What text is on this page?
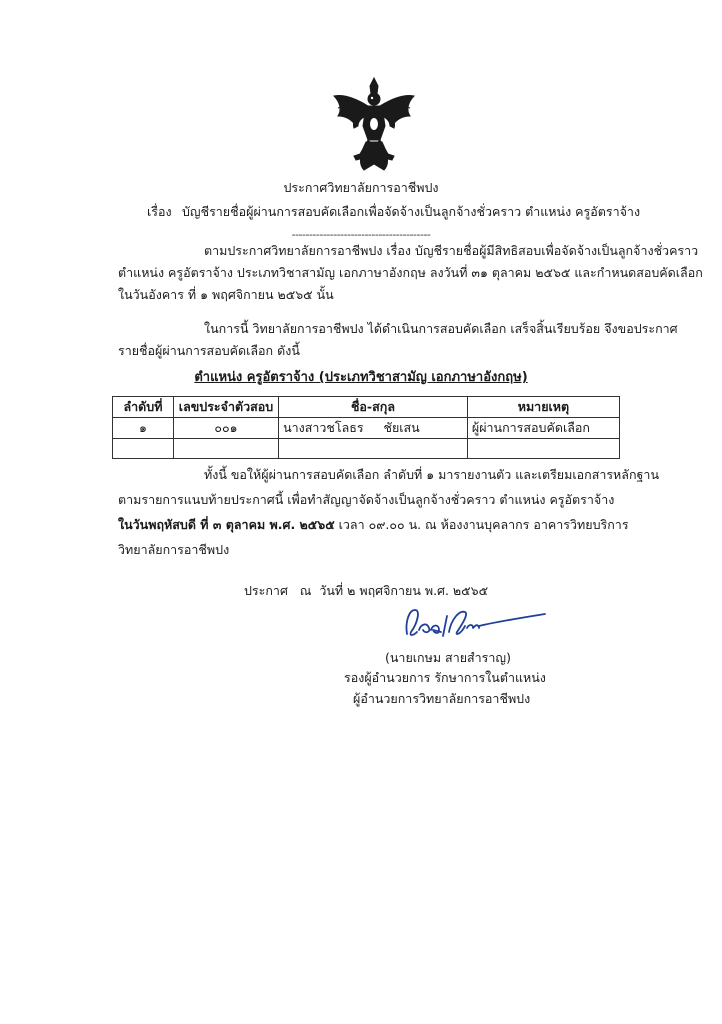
ประกาศวิทยาลัยการอาชีพปง
เรื่อง บัญชีรายชื่อผู้ผ่านการสอบคัดเลือกเพื่อจัดจ้างเป็นลูกจ้างชั่วคราว ตำแหน่ง ครูอัตราจ้าง
----------------------------------------
ตามประกาศวิทยาลัยการอาชีพปง เรื่อง บัญชีรายชื่อผู้มีสิทธิสอบเพื่อจัดจ้างเป็นลูกจ้างชั่วคราว
ตำแหน่ง ครูอัตราจ้าง ประเภทวิชาสามัญ เอกภาษาอังกฤษ ลงวันที่ ๓๑ ตุลาคม ๒๕๖๕ และกำหนดสอบคัดเลือก
ในวันอังคาร ที่ ๑ พฤศจิกายน ๒๕๖๕ นั้น
ในการนี้ วิทยาลัยการอาชีพปง ได้ดำเนินการสอบคัดเลือก เสร็จสิ้นเรียบร้อย จึงขอประกาศ
รายชื่อผู้ผ่านการสอบคัดเลือก ดังนี้
ตำแหน่ง ครูอัตราจ้าง (ประเภทวิชาสามัญ เอกภาษาอังกฤษ)
ลำดับที่	เลขประจำตัวสอบ	ชื่อ-สกุล	หมายเหตุ
๑	๐๐๑	นางสาวชโลธร     ชัยเสน	ผู้ผ่านการสอบคัดเลือก

ทั้งนี้ ขอให้ผู้ผ่านการสอบคัดเลือก ลำดับที่ ๑ มารายงานตัว และเตรียมเอกสารหลักฐาน
ตามรายการแนบท้ายประกาศนี้ เพื่อทำสัญญาจัดจ้างเป็นลูกจ้างชั่วคราว ตำแหน่ง ครูอัตราจ้าง
ในวันพฤหัสบดี ที่ ๓ ตุลาคม พ.ศ. ๒๕๖๕ เวลา ๐๙.๐๐ น. ณ ห้องงานบุคลากร อาคารวิทยบริการ
วิทยาลัยการอาชีพปง
ประกาศ   ณ  วันที่ ๒ พฤศจิกายน พ.ศ. ๒๕๖๕
(นายเกษม สายสำราญ)
รองผู้อำนวยการ รักษาการในตำแหน่ง
ผู้อำนวยการวิทยาลัยการอาชีพปง
